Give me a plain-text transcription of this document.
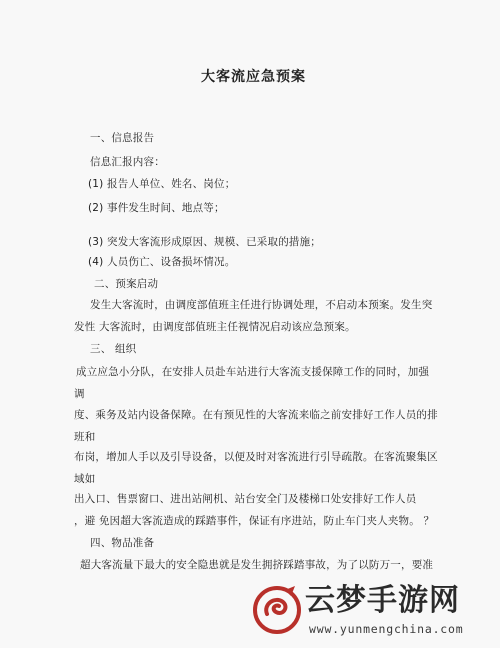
大客流应急预案
一、信息报告
信息汇报内容：
(1) 报告人单位、姓名、岗位；
(2) 事件发生时间、地点等；
(3) 突发大客流形成原因、规模、已采取的措施；
(4) 人员伤亡、设备损坏情况。
二、预案启动
发生大客流时，由调度部值班主任进行协调处理，不启动本预案。发生突
发性 大客流时，由调度部值班主任视情况启动该应急预案。
三、 组织
成立应急小分队，在安排人员赴车站进行大客流支援保障工作的同时，加强
调
度、乘务及站内设备保障。在有预见性的大客流来临之前安排好工作人员的排
班和
布岗，增加人手以及引导设备，以便及时对客流进行引导疏散。在客流聚集区
域如
出入口、售票窗口、进出站闸机、站台安全门及楼梯口处安排好工作人员
，避 免因超大客流造成的踩踏事件，保证有序进站，防止车门夹人夹物。 ？
四、物品准备
超大客流量下最大的安全隐患就是发生拥挤踩踏事故，为了以防万一，要准
云梦手游网
www.yunmengchina.com
